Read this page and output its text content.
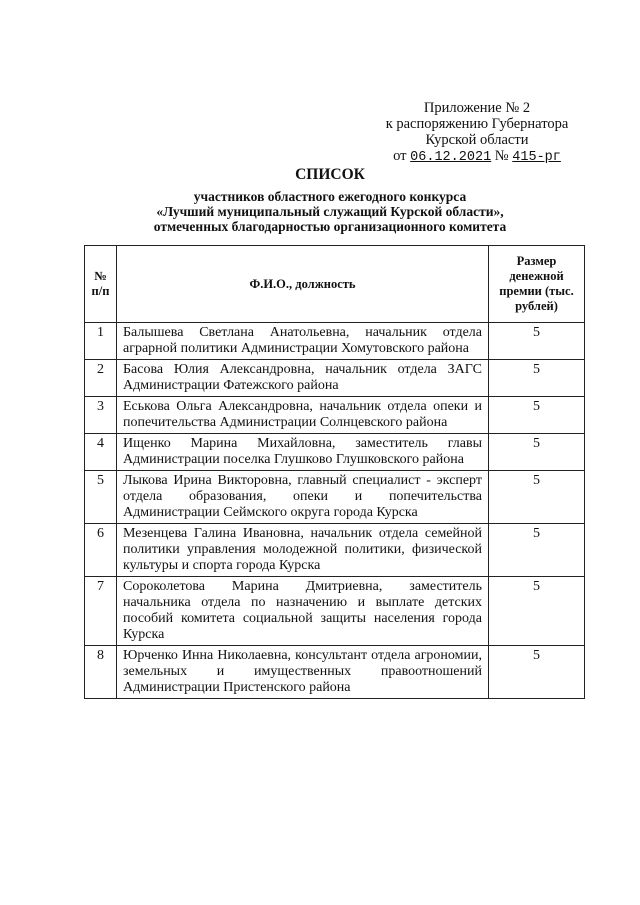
Приложение № 2
к распоряжению Губернатора
Курской области
от 06.12.2021 № 415-рг
СПИСОК
участников областного ежегодного конкурса
«Лучший муниципальный служащий Курской области»,
отмеченных благодарностью организационного комитета
№ п/п	Ф.И.О., должность	Размер денежной премии (тыс. рублей)
1	Балышева Светлана Анатольевна, начальник отдела аграрной политики Администрации Хомутовского района	5
2	Басова Юлия Александровна, начальник отдела ЗАГС Администрации Фатежского района	5
3	Еськова Ольга Александровна, начальник отдела опеки и попечительства Администрации Солнцевского района	5
4	Ищенко Марина Михайловна, заместитель главы Администрации поселка Глушково Глушковского района	5
5	Лыкова Ирина Викторовна, главный специалист - эксперт отдела образования, опеки и попечительства Администрации Сеймского округа города Курска	5
6	Мезенцева Галина Ивановна, начальник отдела семейной политики управления молодежной политики, физической культуры и спорта города Курска	5
7	Сороколетова Марина Дмитриевна, заместитель начальника отдела по назначению и выплате детских пособий комитета социальной защиты населения города Курска	5
8	Юрченко Инна Николаевна, консультант отдела агрономии, земельных и имущественных правоотношений Администрации Пристенского района	5
